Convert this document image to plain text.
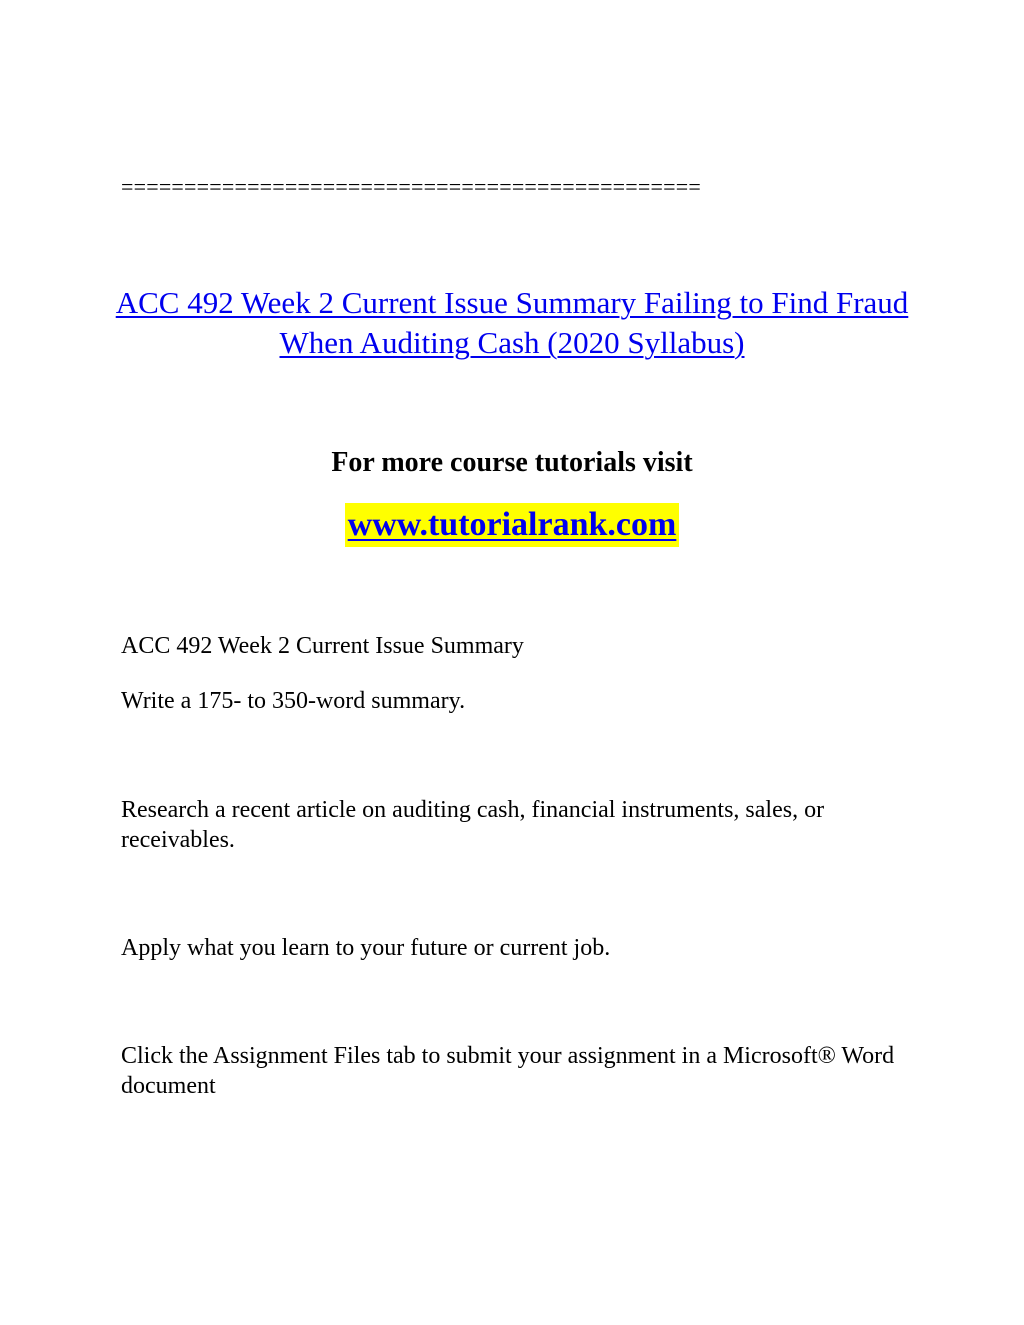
==============================================
ACC 492 Week 2 Current Issue Summary Failing to Find Fraud When Auditing Cash (2020 Syllabus)
For more course tutorials visit
www.tutorialrank.com
ACC 492 Week 2 Current Issue Summary
Write a 175- to 350-word summary.
Research a recent article on auditing cash, financial instruments, sales, or receivables.
Apply what you learn to your future or current job.
Click the Assignment Files tab to submit your assignment in a Microsoft® Word document
